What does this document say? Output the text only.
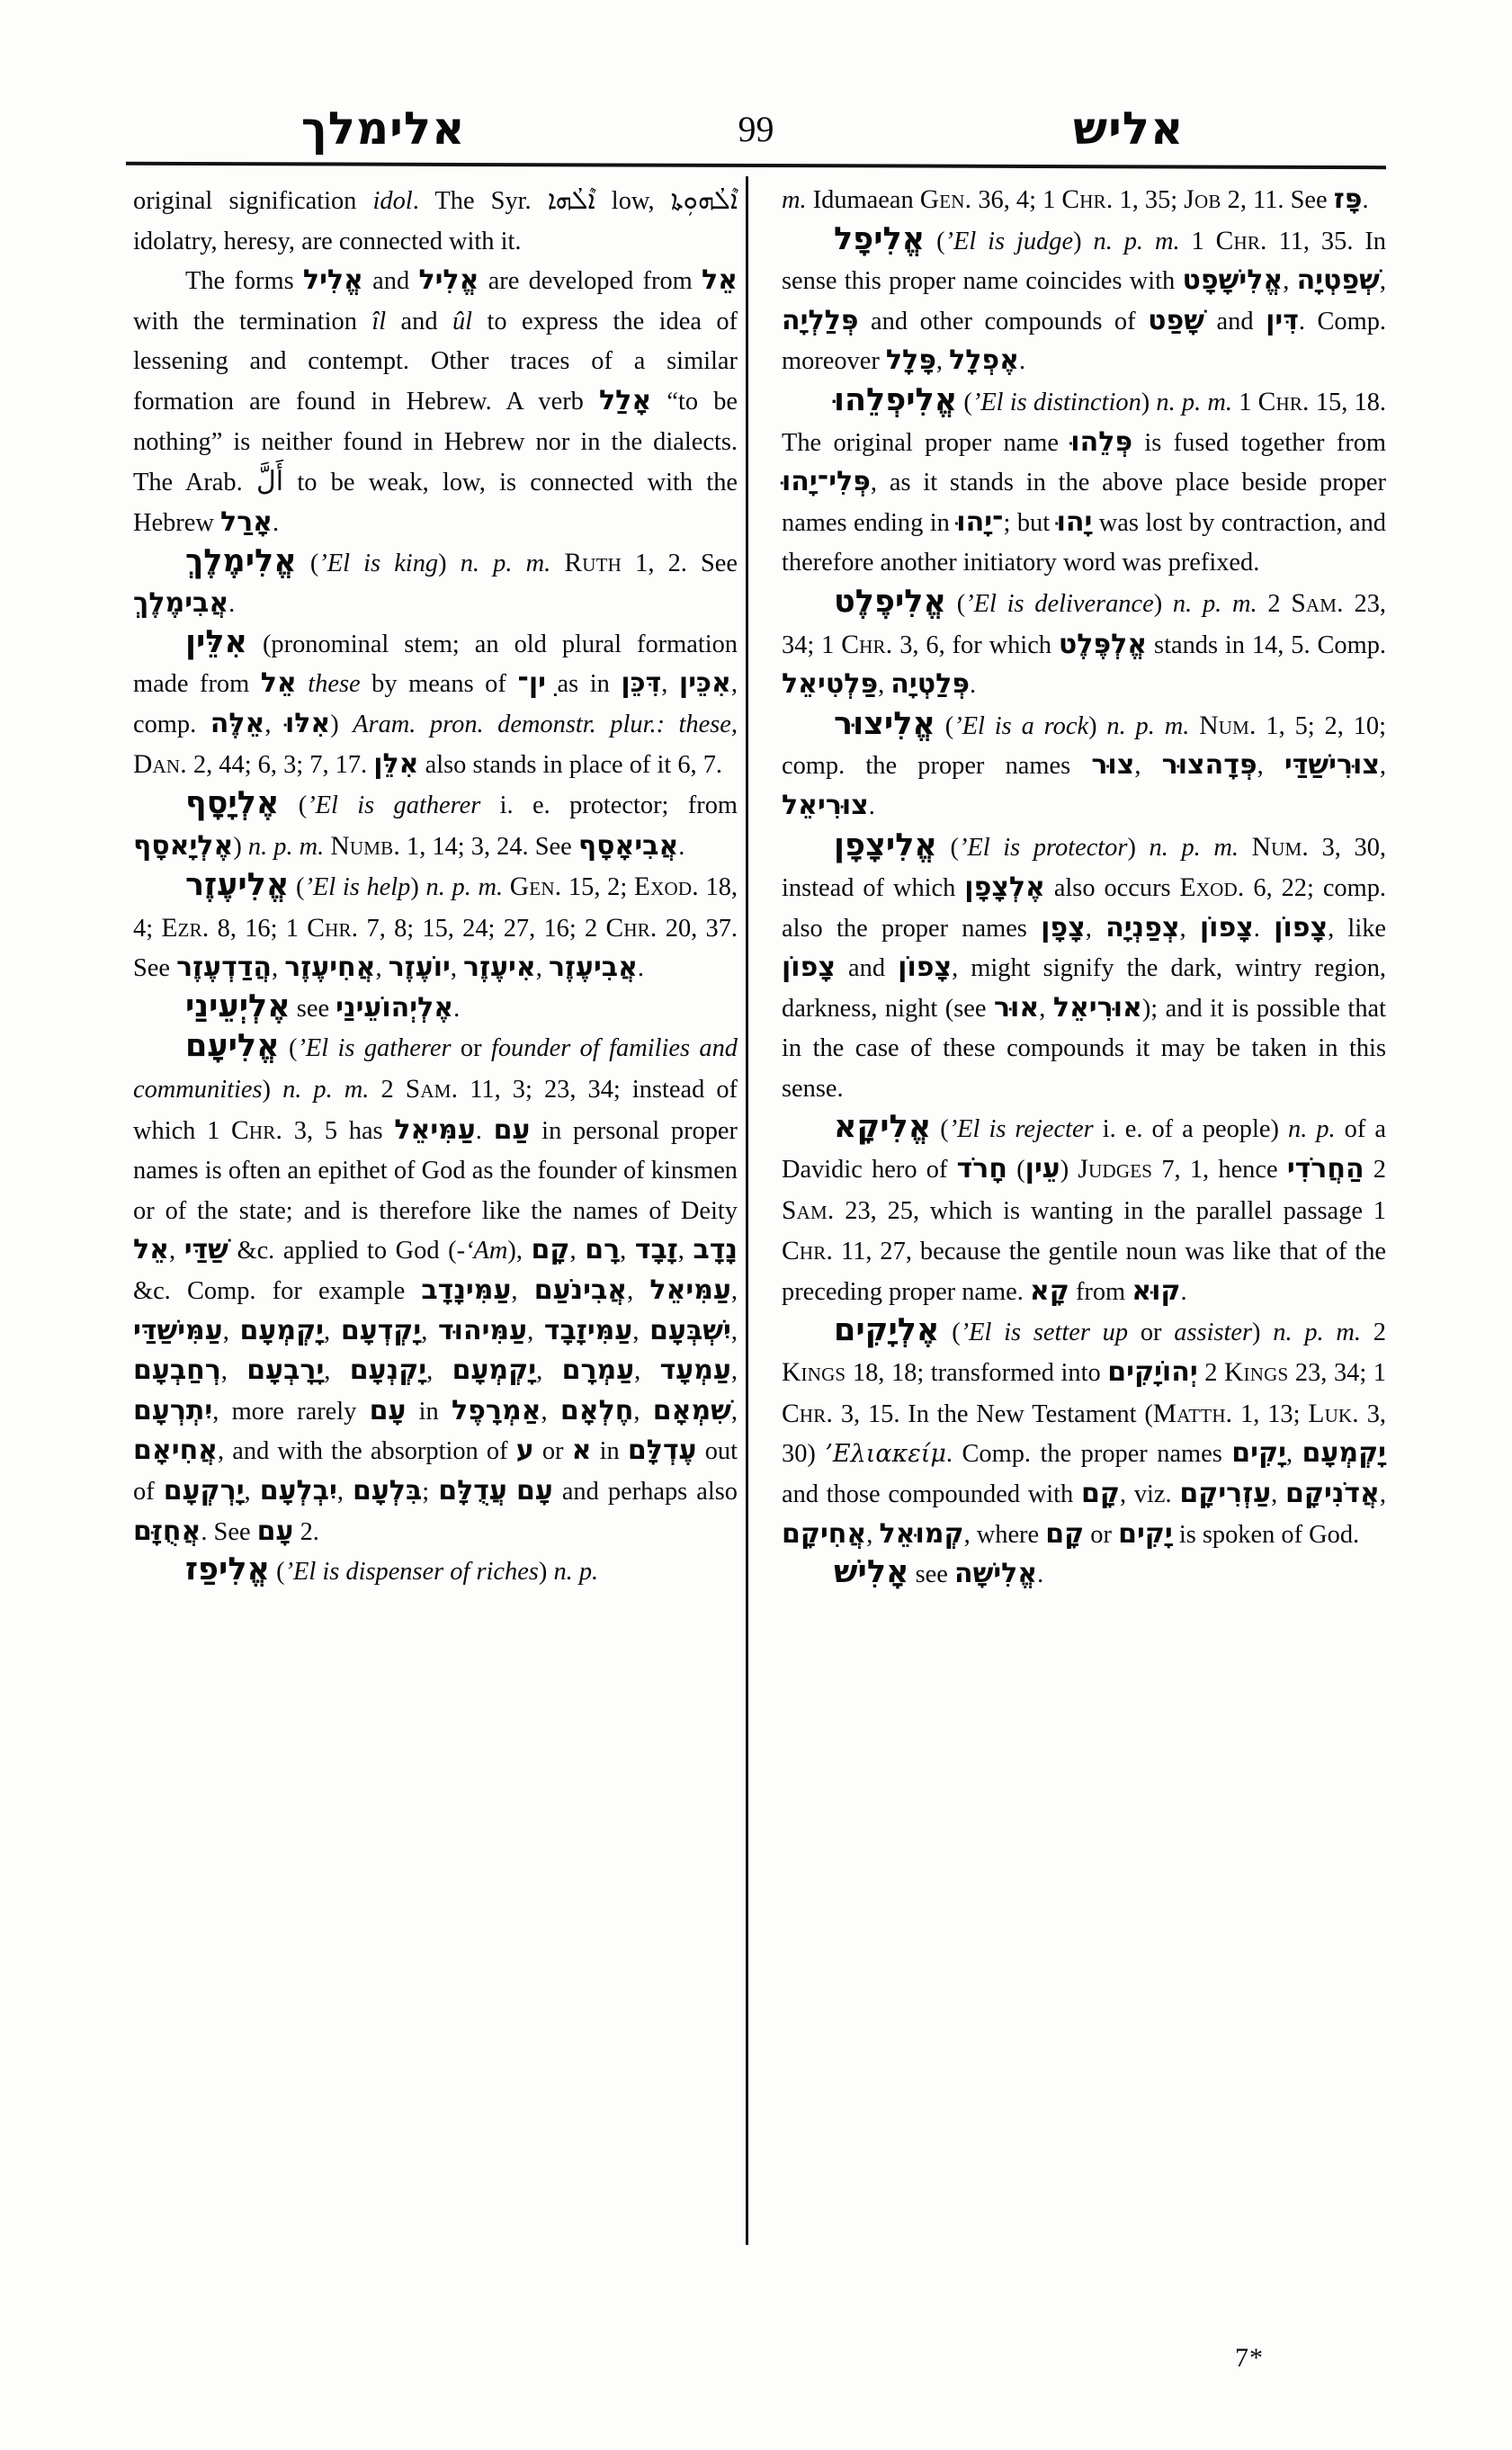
אלימלך	99	אליש

original signification idol. The Syr. ܐܶܠܳܗܐ low, ܐܶܠܳܗܘܼܬܐ idolatry, heresy, are connected with it.

The forms אֱלִיל and אֱלִיל are developed from אֵל with the termination îl and ûl to express the idea of lessening and contempt. Other traces of a similar formation are found in Hebrew. A verb אָלַל “to be nothing” is neither found in Hebrew nor in the dialects. The Arab. أَلَّ to be weak, low, is connected with the Hebrew אָרַל.

אֱלִימֶלֶךְ (’El is king) n. p. m. Ruth 1, 2. See אֲבִימֶלֶךְ.

אִלֵּין (pronominal stem; an old plural formation made from אֵל these by means of ִין־ as in דִּכֵּן, אִכֵּין, comp. אֵלֶּה, אִלּוּ) Aram. pron. demonstr. plur.: these, Dan. 2, 44; 6, 3; 7, 17. אִלֵּן also stands in place of it 6, 7.

אֶלְיָסָף (’El is gatherer i. e. protector; from אֶלְיָאסָף) n. p. m. Numb. 1, 14; 3, 24. See אֲבִיאָסָף.

אֱלִיעֶזֶר (’El is help) n. p. m. Gen. 15, 2; Exod. 18, 4; Ezr. 8, 16; 1 Chr. 7, 8; 15, 24; 27, 16; 2 Chr. 20, 37. See הֲדַדְעֶזֶר, אֲחִיעֶזֶר, יוֹעֶזֶר, אִיעֶזֶר, אֲבִיעֶזֶר.

אֶלְיְעֵינַי see אֶלְיְהוֹעֵינַי.

אֱלִיעָם (’El is gatherer or founder of families and communities) n. p. m. 2 Sam. 11, 3; 23, 34; instead of which 1 Chr. 3, 5 has עַמִּיאֵל. עַם in personal proper names is often an epithet of God as the founder of kinsmen or of the state; and is therefore like the names of Deity אֵל, שַׁדַּי &c. applied to God (-‘Am), קָם, רָם, זָבָד, נָדָב &c. Comp. for example עַמִּינָדָב, אֲבִינֹעַם, עַמִּיאֵל, עַמִּישַׁדַּי, יָקְמְעָם, יָקְדְעָם, עַמִּיהוּד, עַמִּיזָבָד, יִשְׁבְּעָם, רְחַבְעָם, יָרָבְעָם, יָקְנְעָם, יָקְמְעָם, עַמְרָם, עַמְעָד, יִתְרְעָם, more rarely עָם in אַמְרָפֶל, חֶלְאָם, שִׁמְאָם, אֲחִיאָם, and with the absorption of ע or א in עֶדְלָּם out of יָרְקְעָם, יִבְלְעָם, בִּלְעָם; עֲדֻלָּם עָם and perhaps also אֲחֻזָּם. See עָם 2.

אֱלִיפַז (’El is dispenser of riches) n. p.

m. Idumaean Gen. 36, 4; 1 Chr. 1, 35; Job 2, 11. See פָּז.

אֱלִיפָל (’El is judge) n. p. m. 1 Chr. 11, 35. In sense this proper name coincides with אֱלִישָׁפָט, שְׁפַטְיָה, פְּלַלְיָה and other compounds of שָׁפַט and דִּין. Comp. moreover פָּלָל, אֶפְלָל.

אֱלִיפְלֵהוּ (’El is distinction) n. p. m. 1 Chr. 15, 18. The original proper name פְּלֵהוּ is fused together from פְּלִי־יָהוּ, as it stands in the above place beside proper names ending in ־יָהוּ; but יָהוּ was lost by contraction, and therefore another initiatory word was prefixed.

אֱלִיפֶלֶט (’El is deliverance) n. p. m. 2 Sam. 23, 34; 1 Chr. 3, 6, for which אֱלְפֶּלֶט stands in 14, 5. Comp. פַּלְטִיאֵל, פְּלַטְיָה.

אֱלִיצוּר (’El is a rock) n. p. m. Num. 1, 5; 2, 10; comp. the proper names צוּר, פְּדָהצוּר, צוּרִישַׁדַּי, צוּרִיאֵל.

אֱלִיצָפָן (’El is protector) n. p. m. Num. 3, 30, instead of which אֶלְצָפָן also occurs Exod. 6, 22; comp. also the proper names צָפָן, צְפַנְיָה, צָפוֹן. צָפוֹן, like צָפוֹן and צָפוֹן, might signify the dark, wintry region, darkness, night (see אוּר, אוּרִיאֵל); and it is possible that in the case of these compounds it may be taken in this sense.

אֱלִיקָא (’El is rejecter i. e. of a people) n. p. of a Davidic hero of חָרֹד (עֵין) Judges 7, 1, hence הַחֲרֹדִי 2 Sam. 23, 25, which is wanting in the parallel passage 1 Chr. 11, 27, because the gentile noun was like that of the preceding proper name. קָא from קוּא.

אֶלְיָקִים (’El is setter up or assister) n. p. m. 2 Kings 18, 18; transformed into יְהוֹיָקִים 2 Kings 23, 34; 1 Chr. 3, 15. In the New Testament (Matth. 1, 13; Luk. 3, 30) ’Ελιακείμ. Comp. the proper names יָקִים, יָקְמְעָם and those compounded with קָם, viz. עַזְרִיקָם, אֲדֹנִיקָם, אֲחִיקָם, קְמוּאֵל, where קָם or יָקִים is spoken of God.

אָלִישׁ see אֱלִישָׁה.

7*
